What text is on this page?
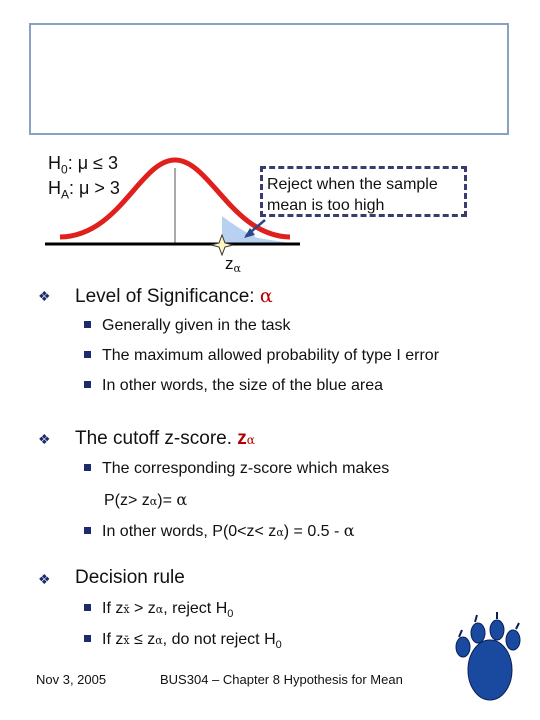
$H_0$: μ ≤ 3
$H_A$: μ > 3	Reject when the sample
mean is too high
$z_\alpha$
❖ Level of Significance: α
Generally given in the task
The maximum allowed probability of type I error
In other words, the size of the blue area
❖ The cutoff z-score. zα
The corresponding z-score which makes
P(z> zα)= α
In other words, P(0<z< zα) = 0.5 - α
❖ Decision rule
If zx̄ > zα, reject $H_0$
If zx̄ ≤ zα, do not reject $H_0$
Nov 3, 2005	BUS304 – Chapter 8 Hypothesis for Mean
